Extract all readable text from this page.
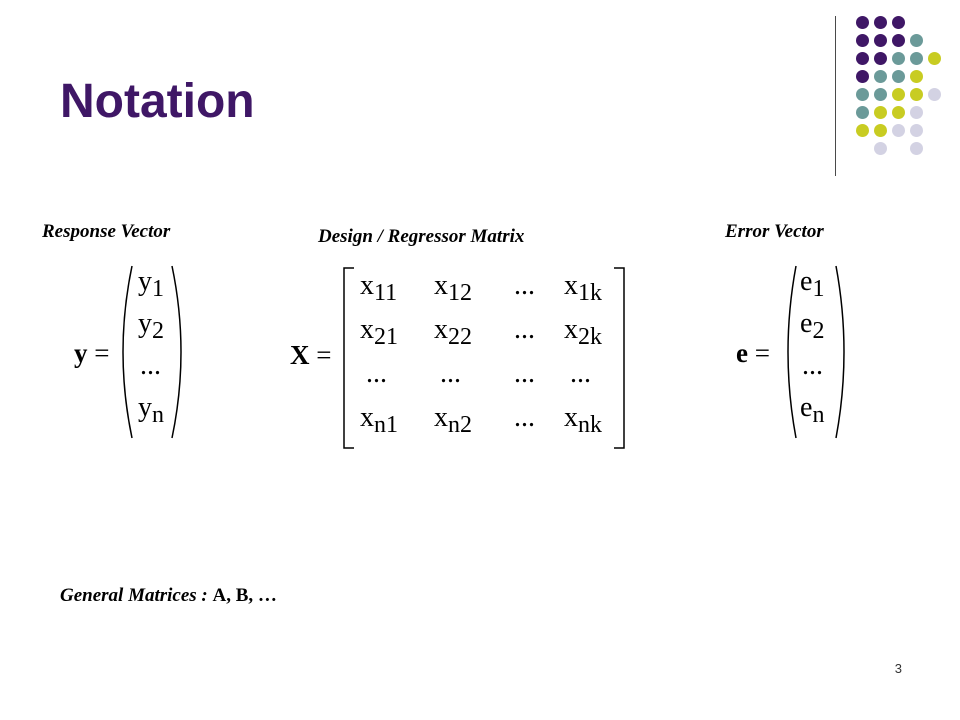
Notation
Response Vector	Design / Regressor Matrix	Error Vector
y =
$y_1$
$y_2$
...
$y_n$
X =
$x_{11}$ $x_{12}$ ... $x_{1k}$
$x_{21}$ $x_{22}$ ... $x_{2k}$
... ... ... ...
$x_{n1}$ $x_{n2}$ ... $x_{nk}$
e =
$e_1$
$e_2$
...
$e_n$
General Matrices : A, B, …
3
